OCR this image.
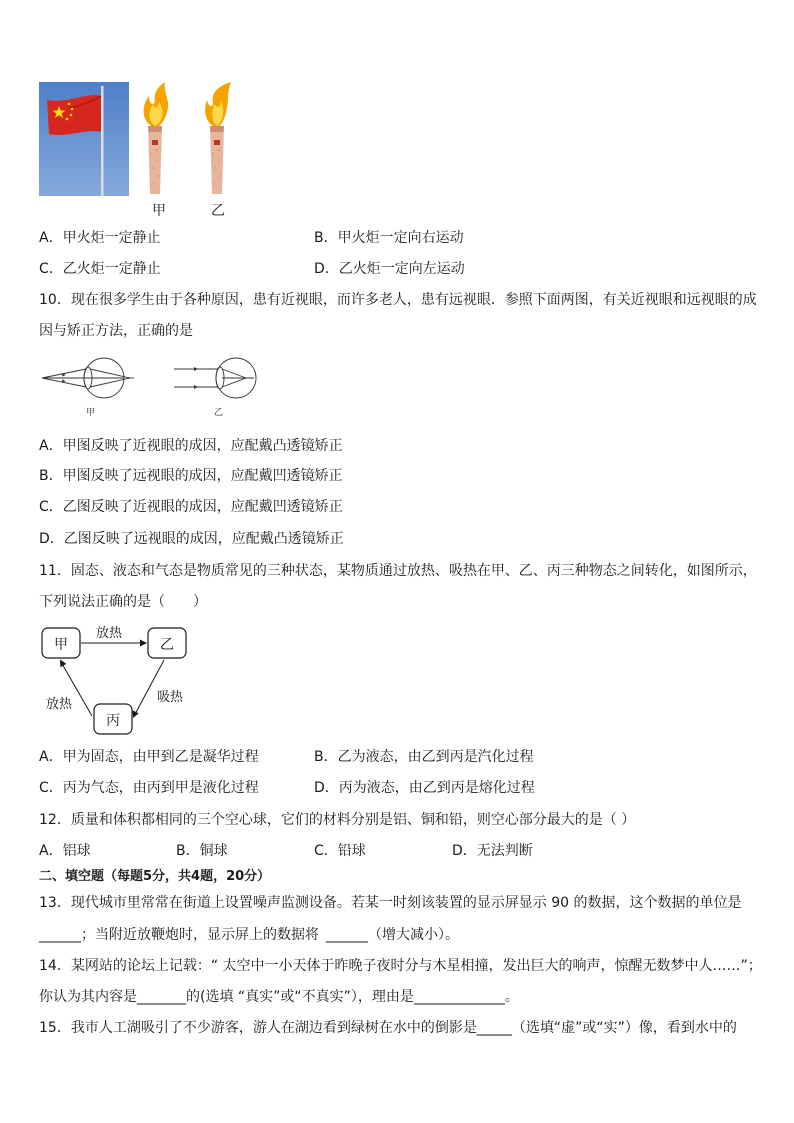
甲	乙
A．甲火炬一定静止	B．甲火炬一定向右运动
C．乙火炬一定静止	D．乙火炬一定向左运动
10．现在很多学生由于各种原因，患有近视眼，而许多老人，患有远视眼．参照下面两图，有关近视眼和远视眼的成
因与矫正方法，正确的是
甲	乙
A．甲图反映了近视眼的成因，应配戴凸透镜矫正
B．甲图反映了远视眼的成因，应配戴凹透镜矫正
C．乙图反映了近视眼的成因，应配戴凹透镜矫正
D．乙图反映了远视眼的成因，应配戴凸透镜矫正
11．固态、液态和气态是物质常见的三种状态，某物质通过放热、吸热在甲、乙、丙三种物态之间转化，如图所示，
下列说法正确的是（　　）
甲	乙
丙
放热
吸热
放热
A．甲为固态，由甲到乙是凝华过程	B．乙为液态，由乙到丙是汽化过程
C．丙为气态，由丙到甲是液化过程	D．丙为液态，由乙到丙是熔化过程
12．质量和体积都相同的三个空心球，它们的材料分别是铝、铜和铅，则空心部分最大的是（ ）
A．铝球	B．铜球	C．铅球	D．无法判断
二、填空题（每题5分，共4题，20分）
13．现代城市里常常在街道上设置噪声监测设备。若某一时刻该装置的显示屏显示 90 的数据，这个数据的单位是
______；当附近放鞭炮时，显示屏上的数据将 ______（增大减小）。
14．某网站的论坛上记载：“ 太空中一小天体于昨晚子夜时分与木星相撞，发出巨大的响声，惊醒无数梦中人……”；
你认为其内容是_______的(选填 “真实”或“不真实”），理由是_____________。
15．我市人工湖吸引了不少游客，游人在湖边看到绿树在水中的倒影是_____（选填“虚”或“实”）像，看到水中的
